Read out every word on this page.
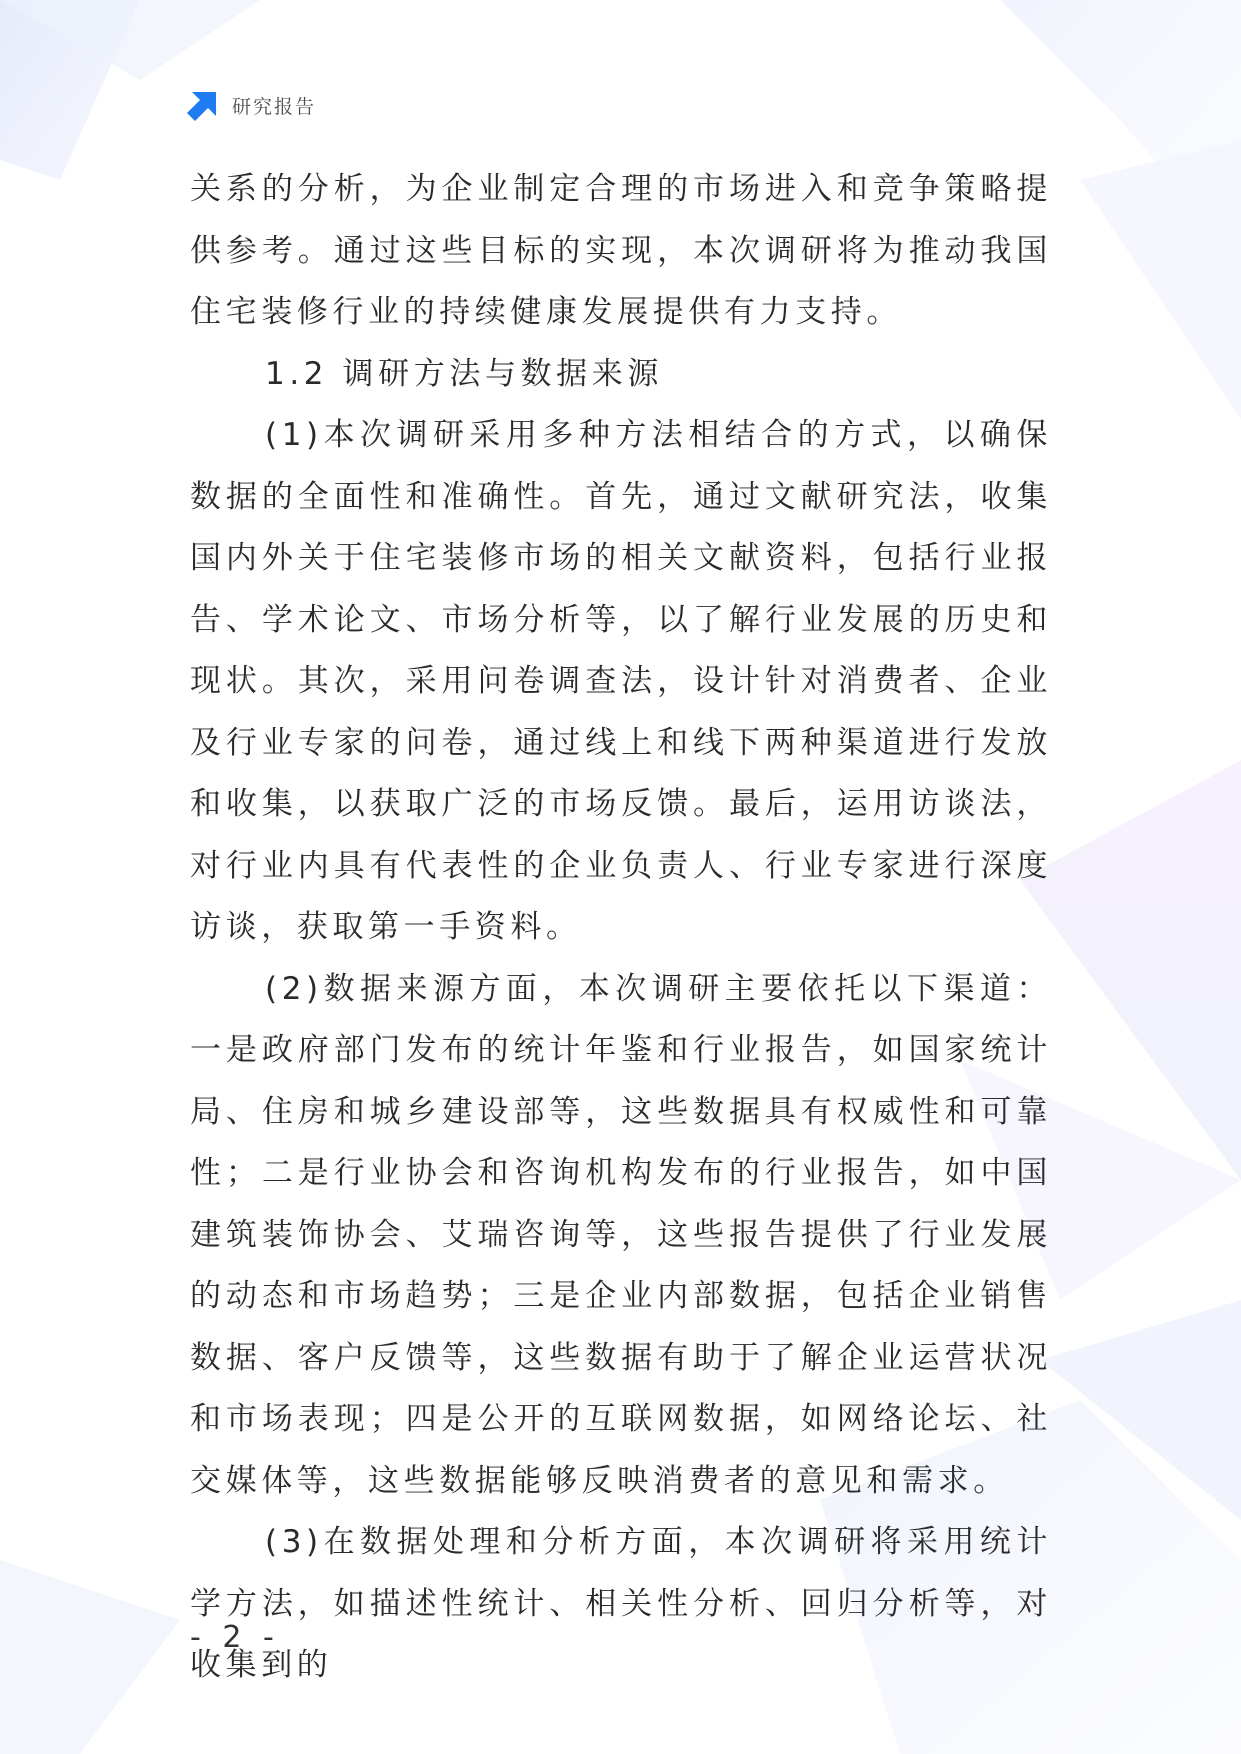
研究报告

关系的分析，为企业制定合理的市场进入和竞争策略提供参考。通过这些目标的实现，本次调研将为推动我国住宅装修行业的持续健康发展提供有力支持。

1.2 调研方法与数据来源

(1)本次调研采用多种方法相结合的方式，以确保数据的全面性和准确性。首先，通过文献研究法，收集国内外关于住宅装修市场的相关文献资料，包括行业报告、学术论文、市场分析等，以了解行业发展的历史和现状。其次，采用问卷调查法，设计针对消费者、企业及行业专家的问卷，通过线上和线下两种渠道进行发放和收集，以获取广泛的市场反馈。最后，运用访谈法，对行业内具有代表性的企业负责人、行业专家进行深度访谈，获取第一手资料。

(2)数据来源方面，本次调研主要依托以下渠道：一是政府部门发布的统计年鉴和行业报告，如国家统计局、住房和城乡建设部等，这些数据具有权威性和可靠性；二是行业协会和咨询机构发布的行业报告，如中国建筑装饰协会、艾瑞咨询等，这些报告提供了行业发展的动态和市场趋势；三是企业内部数据，包括企业销售数据、客户反馈等，这些数据有助于了解企业运营状况和市场表现；四是公开的互联网数据，如网络论坛、社交媒体等，这些数据能够反映消费者的意见和需求。

(3)在数据处理和分析方面，本次调研将采用统计学方法，如描述性统计、相关性分析、回归分析等，对收集到的

- 2 -
